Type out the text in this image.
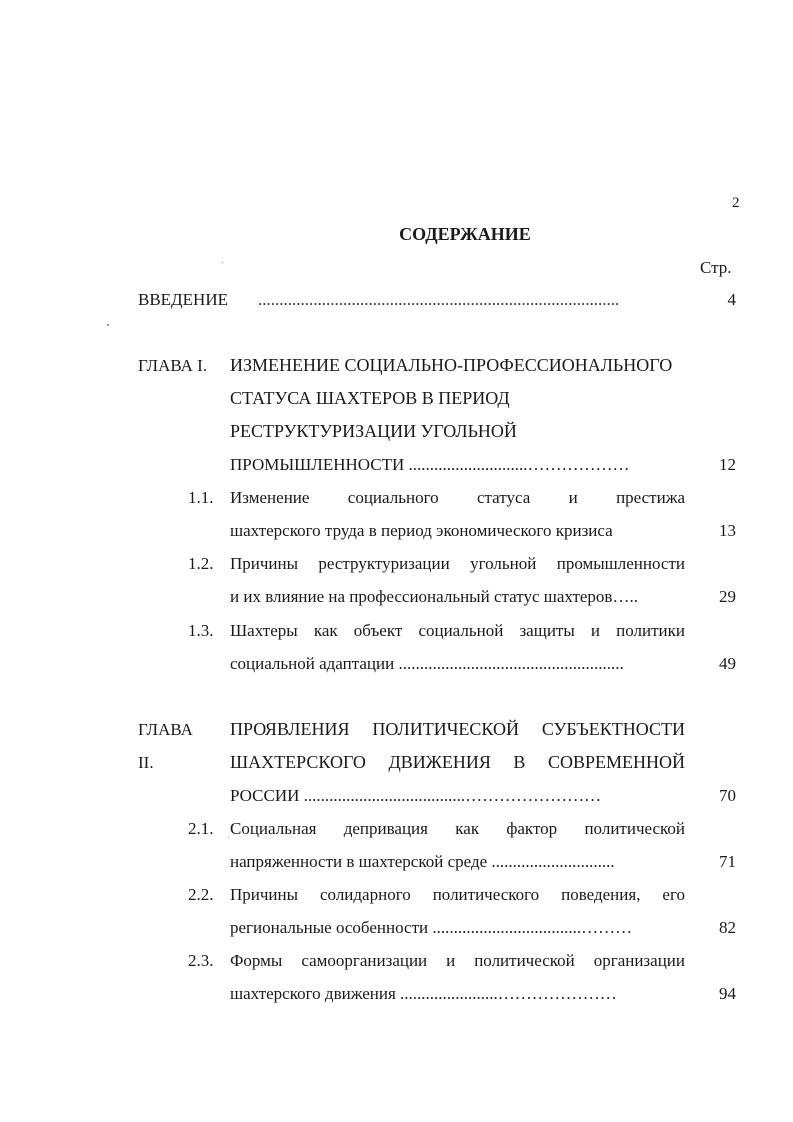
2
СОДЕРЖАНИЕ
Стр.
ВВЕДЕНИЕ .....................................................................................	4
ГЛАВА I. ИЗМЕНЕНИЕ СОЦИАЛЬНО-ПРОФЕССИОНАЛЬНОГО
СТАТУСА ШАХТЕРОВ В ПЕРИОД
РЕСТРУКТУРИЗАЦИИ УГОЛЬНОЙ
ПРОМЫШЛЕННОСТИ ............................………………	12
1.1. Изменение социального статуса и престижа
шахтерского труда в период экономического кризиса	13
1.2. Причины реструктуризации угольной промышленности
и их влияние на профессиональный статус шахтеров…..	29
1.3. Шахтеры как объект социальной защиты и политики
социальной адаптации .....................................................	49
ГЛАВА
II.
ПРОЯВЛЕНИЯ ПОЛИТИЧЕСКОЙ СУБЪЕКТНОСТИ
ШАХТЕРСКОГО ДВИЖЕНИЯ В СОВРЕМЕННОЙ
РОССИИ ......................................……………………	70
2.1. Социальная депривация как фактор политической
напряженности в шахтерской среде .............................	71
2.2. Причины солидарного политического поведения, его
региональные особенности ...................................………	82
2.3. Формы самоорганизации и политической организации
шахтерского движения .......................…………………	94
